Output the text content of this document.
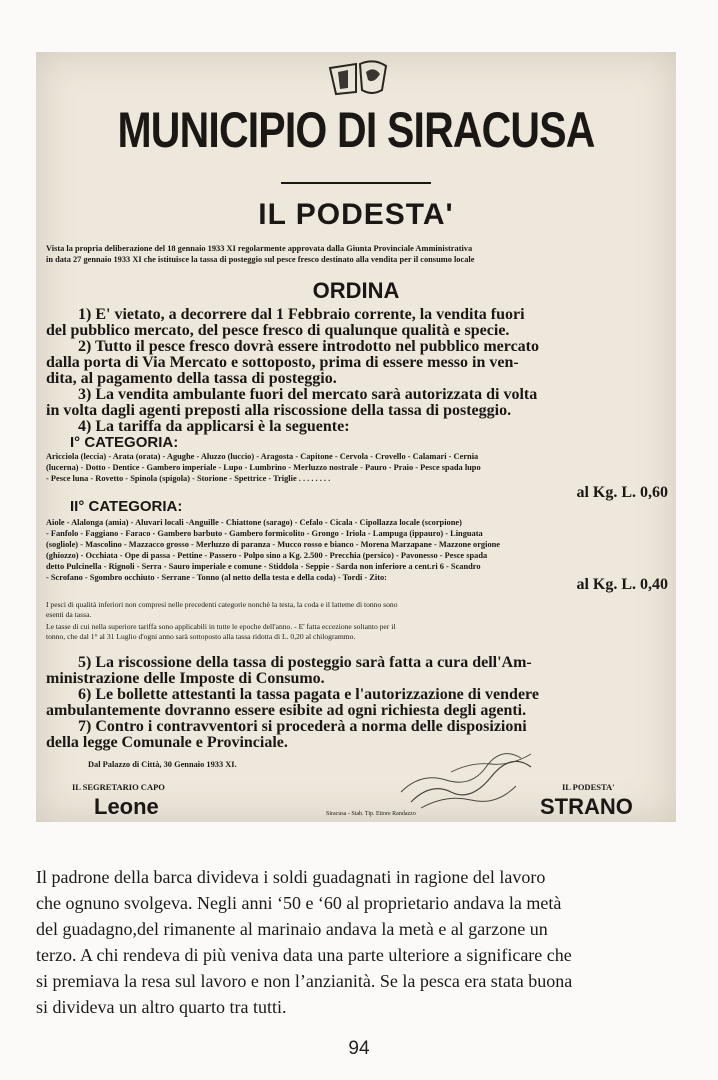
MUNICIPIO DI SIRACUSA
IL PODESTA'
Vista la propria deliberazione del 18 gennaio 1933 XI regolarmente approvata dalla Giunta Provinciale Amministrativa
in data 27 gennaio 1933 XI che istituisce la tassa di posteggio sul pesce fresco destinato alla vendita per il consumo locale
ORDINA
1) E' vietato, a decorrere dal 1 Febbraio corrente, la vendita fuori
del pubblico mercato, del pesce fresco di qualunque qualità e specie.
2) Tutto il pesce fresco dovrà essere introdotto nel pubblico mercato
dalla porta di Via Mercato e sottoposto, prima di essere messo in ven-
dita, al pagamento della tassa di posteggio.
3) La vendita ambulante fuori del mercato sarà autorizzata di volta
in volta dagli agenti preposti alla riscossione della tassa di posteggio.
4) La tariffa da applicarsi è la seguente:
I° CATEGORIA:
Aricciola (leccia) - Arata (orata) - Agughe - Aluzzo (luccio) - Aragosta - Capitone - Cervola - Crovello - Calamari - Cernia
(lucerna) - Dotto - Dentice - Gambero imperiale - Lupo - Lumbrino - Merluzzo nostrale - Pauro - Praio - Pesce spada lupo
- Pesce luna - Rovetto - Spinola (spigola) - Storione - Spettrice - Triglie . . . . . . . .
al Kg. L. 0,60
II° CATEGORIA:
Aiole - Alalonga (amia) - Aluvari locali -Anguille - Chiattone (sarago) - Cefalo - Cicala - Cipollazza locale (scorpione)
- Fanfolo - Faggiano - Faraco - Gambero barbuto - Gambero formicolito - Grongo - Iriola - Lampuga (ippauro) - Linguata
(sogliole) - Mascolino - Mazzacco grosso - Merluzzo di paranza - Mucco rosso e bianco - Morena Marzapane - Mazzone orgione
(ghiozzo) - Occhiata - Ope di passa - Pettine - Passero - Polpo sino a Kg. 2.500 - Precchia (persico) - Pavonesso - Pesce spada
detto Pulcinella - Rignoli - Serra - Sauro imperiale e comune - Stiddola - Seppie - Sarda non inferiore a cent.ri 6 - Scandro
- Scrofano - Sgombro occhiuto - Serrane - Tonno (al netto della testa e della coda) - Tordi - Zito:	al Kg. L. 0,40
I pesci di qualità inferiori non compresi nelle precedenti categorie nonchè la testa, la coda e il latteme di tonno sono
esenti da tassa.
Le tasse di cui nella superiore tariffa sono applicabili in tutte le epoche dell'anno. - E' fatta eccezione soltanto per il
tonno, che dal 1° al 31 Luglio d'ogni anno sarà sottoposto alla tassa ridotta di L. 0,20 al chilogrammo.
5) La riscossione della tassa di posteggio sarà fatta a cura dell'Am-
ministrazione delle Imposte di Consumo.
6) Le bollette attestanti la tassa pagata e l'autorizzazione di vendere
ambulantemente dovranno essere esibite ad ogni richiesta degli agenti.
7) Contro i contravventori si procederà a norma delle disposizioni
della legge Comunale e Provinciale.
Dal Palazzo di Città, 30 Gennaio 1933 XI.
IL SEGRETARIO CAPO
Leone
IL PODESTA'
STRANO
Siracusa - Stab. Tip. Ettore Randazzo
Il padrone della barca divideva i soldi guadagnati in ragione del lavoro
che ognuno svolgeva. Negli anni ‘50 e ‘60 al proprietario andava la metà
del guadagno,del rimanente al marinaio andava la metà e al garzone un
terzo. A chi rendeva di più veniva data una parte ulteriore a significare che
si premiava la resa sul lavoro e non l’anzianità. Se la pesca era stata buona
si divideva un altro quarto tra tutti.
94
